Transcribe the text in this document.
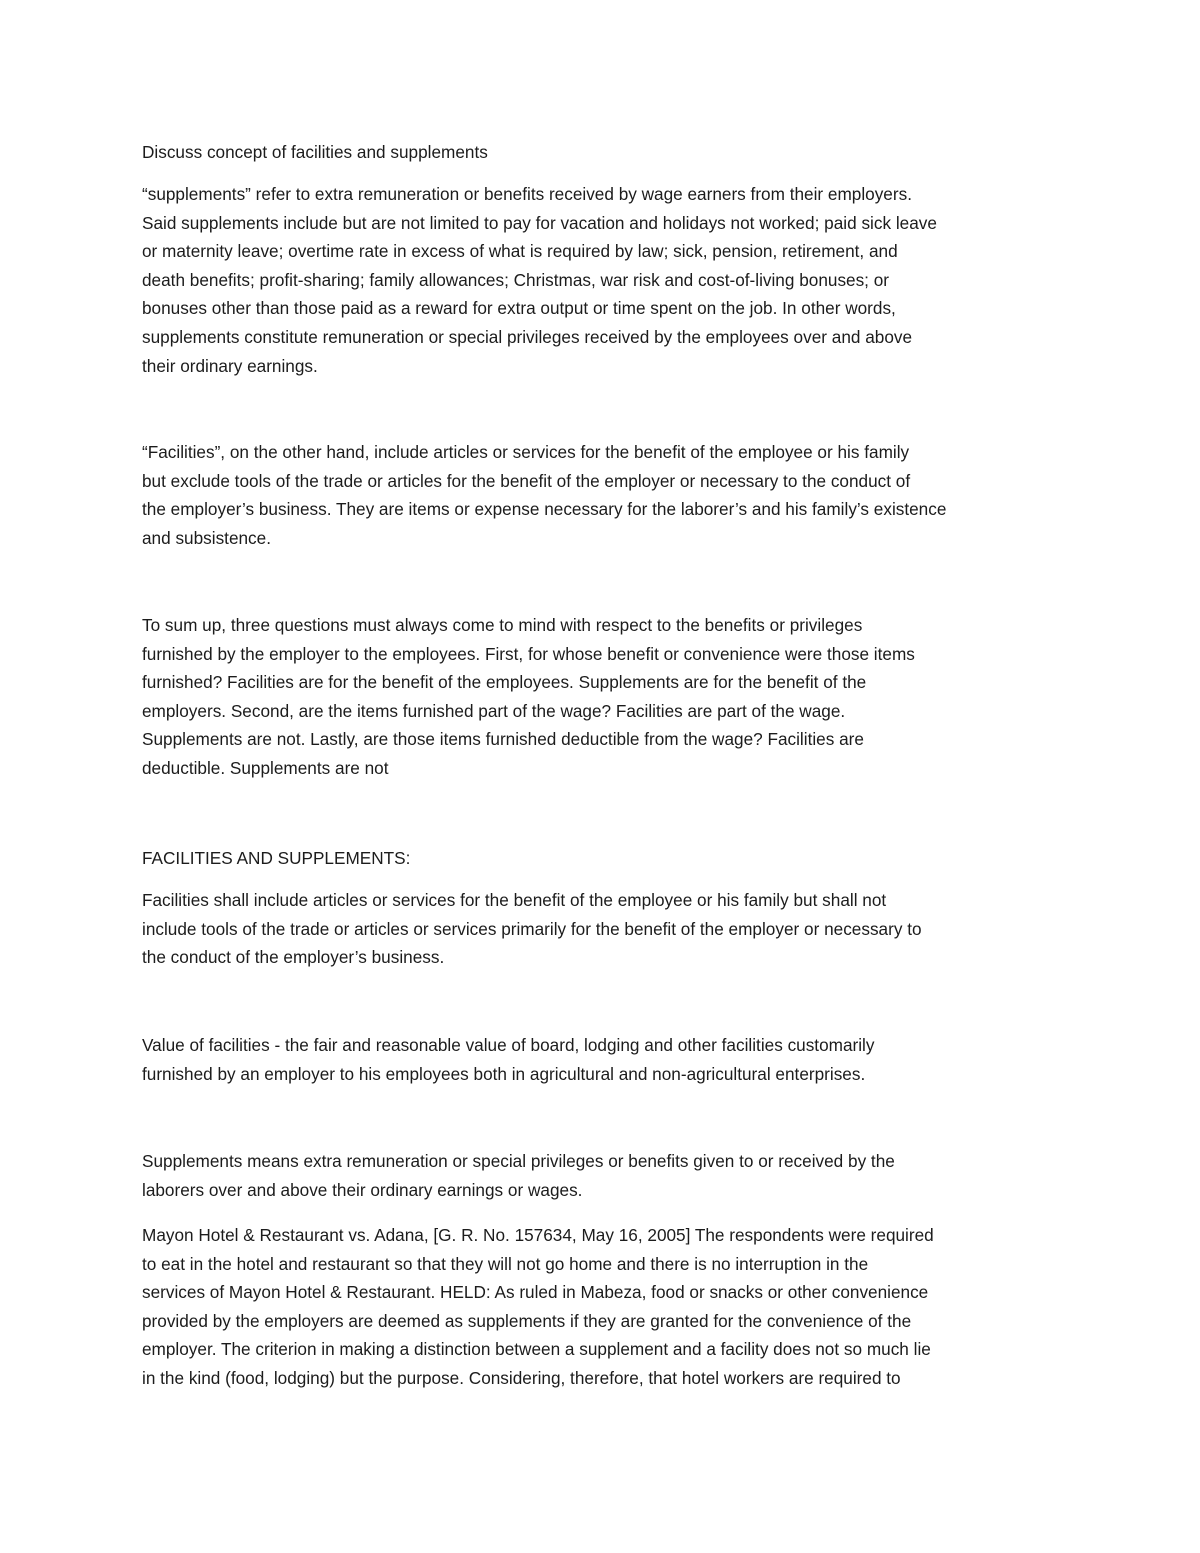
Discuss concept of facilities and supplements
“supplements” refer to extra remuneration or benefits received by wage earners from their employers.
Said supplements include but are not limited to pay for vacation and holidays not worked; paid sick leave
or maternity leave; overtime rate in excess of what is required by law; sick, pension, retirement, and
death benefits; profit-sharing; family allowances; Christmas, war risk and cost-of-living bonuses; or
bonuses other than those paid as a reward for extra output or time spent on the job. In other words,
supplements constitute remuneration or special privileges received by the employees over and above
their ordinary earnings.
“Facilities”, on the other hand, include articles or services for the benefit of the employee or his family
but exclude tools of the trade or articles for the benefit of the employer or necessary to the conduct of
the employer’s business. They are items or expense necessary for the laborer’s and his family’s existence
and subsistence.
To sum up, three questions must always come to mind with respect to the benefits or privileges
furnished by the employer to the employees. First, for whose benefit or convenience were those items
furnished? Facilities are for the benefit of the employees. Supplements are for the benefit of the
employers. Second, are the items furnished part of the wage? Facilities are part of the wage.
Supplements are not. Lastly, are those items furnished deductible from the wage? Facilities are
deductible. Supplements are not
FACILITIES AND SUPPLEMENTS:
Facilities shall include articles or services for the benefit of the employee or his family but shall not
include tools of the trade or articles or services primarily for the benefit of the employer or necessary to
the conduct of the employer’s business.
Value of facilities - the fair and reasonable value of board, lodging and other facilities customarily
furnished by an employer to his employees both in agricultural and non-agricultural enterprises.
Supplements means extra remuneration or special privileges or benefits given to or received by the
laborers over and above their ordinary earnings or wages.
Mayon Hotel & Restaurant vs. Adana, [G. R. No. 157634, May 16, 2005] The respondents were required
to eat in the hotel and restaurant so that they will not go home and there is no interruption in the
services of Mayon Hotel & Restaurant. HELD: As ruled in Mabeza, food or snacks or other convenience
provided by the employers are deemed as supplements if they are granted for the convenience of the
employer. The criterion in making a distinction between a supplement and a facility does not so much lie
in the kind (food, lodging) but the purpose. Considering, therefore, that hotel workers are required to
